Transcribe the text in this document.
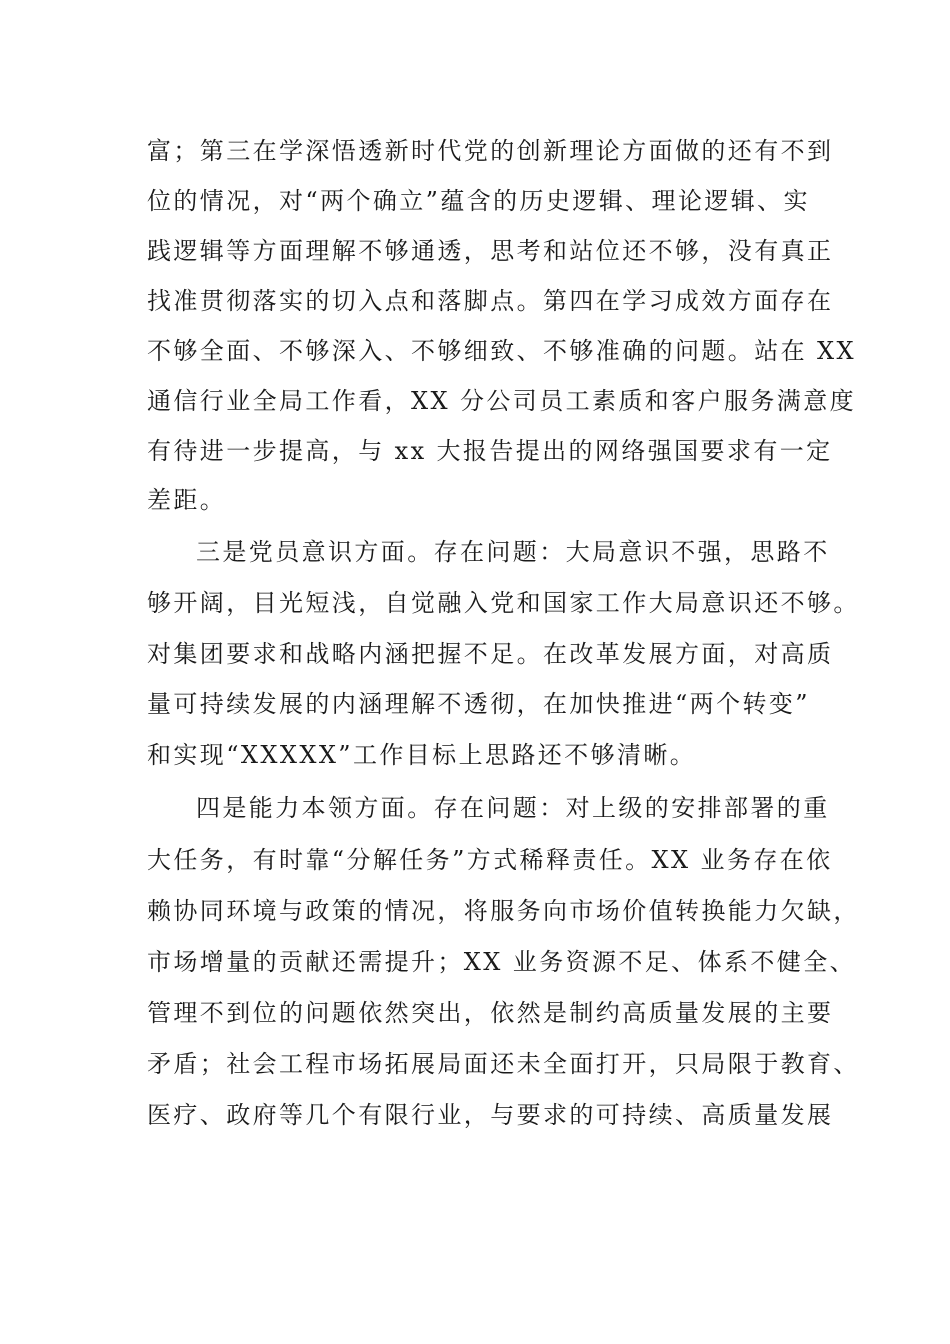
富；第三在学深悟透新时代党的创新理论方面做的还有不到
位的情况，对“两个确立”蕴含的历史逻辑、理论逻辑、实
践逻辑等方面理解不够通透，思考和站位还不够，没有真正
找准贯彻落实的切入点和落脚点。第四在学习成效方面存在
不够全面、不够深入、不够细致、不够准确的问题。站在 XX
通信行业全局工作看，XX 分公司员工素质和客户服务满意度
有待进一步提高，与 xx 大报告提出的网络强国要求有一定
差距。
三是党员意识方面。存在问题：大局意识不强，思路不
够开阔，目光短浅，自觉融入党和国家工作大局意识还不够。
对集团要求和战略内涵把握不足。在改革发展方面，对高质
量可持续发展的内涵理解不透彻，在加快推进“两个转变”
和实现“XXXXX”工作目标上思路还不够清晰。
四是能力本领方面。存在问题：对上级的安排部署的重
大任务，有时靠“分解任务”方式稀释责任。XX 业务存在依
赖协同环境与政策的情况，将服务向市场价值转换能力欠缺，
市场增量的贡献还需提升；XX 业务资源不足、体系不健全、
管理不到位的问题依然突出，依然是制约高质量发展的主要
矛盾；社会工程市场拓展局面还未全面打开，只局限于教育、
医疗、政府等几个有限行业，与要求的可持续、高质量发展
